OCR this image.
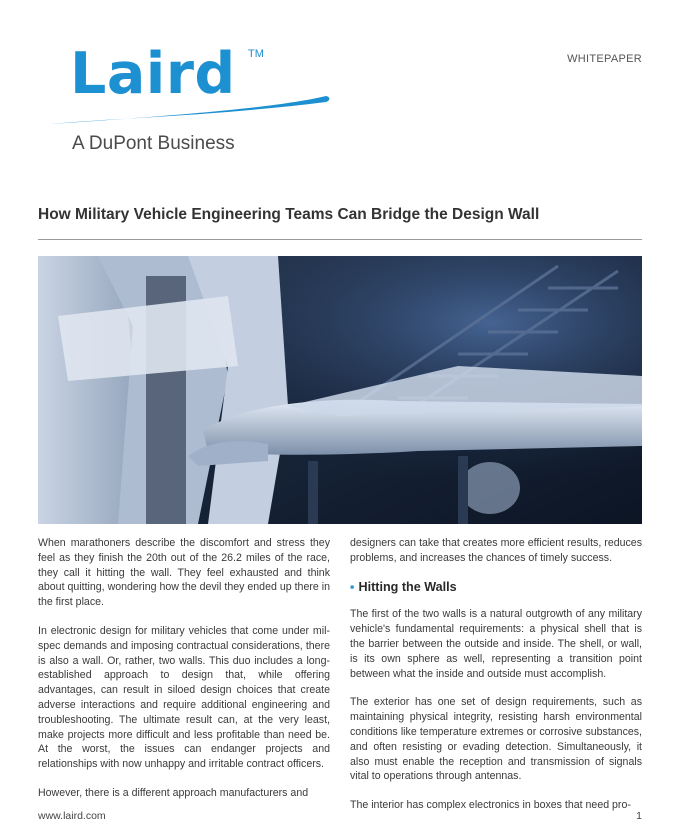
WHITEPAPER
Laird TM
A DuPont Business
How Military Vehicle Engineering Teams Can Bridge the Design Wall

When marathoners describe the discomfort and stress they feel as they finish the 20th out of the 26.2 miles of the race, they call it hitting the wall. They feel exhausted and think about quitting, wondering how the devil they ended up there in the first place.

In electronic design for military vehicles that come under mil-spec demands and imposing contractual considerations, there is also a wall. Or, rather, two walls. This duo includes a long-established approach to design that, while offering advantages, can result in siloed design choices that create adverse interactions and require additional engineering and troubleshooting. The ultimate result can, at the very least, make projects more difficult and less profitable than need be. At the worst, the issues can endanger projects and relationships with now unhappy and irritable contract officers.

However, there is a different approach manufacturers and

designers can take that creates more efficient results, reduces problems, and increases the chances of timely success.

▪ Hitting the Walls

The first of the two walls is a natural outgrowth of any military vehicle's fundamental requirements: a physical shell that is the barrier between the outside and inside. The shell, or wall, is its own sphere as well, representing a transition point between what the inside and outside must accomplish.

The exterior has one set of design requirements, such as maintaining physical integrity, resisting harsh environmental conditions like temperature extremes or corrosive substances, and often resisting or evading detection. Simultaneously, it also must enable the reception and transmission of signals vital to operations through antennas.

The interior has complex electronics in boxes that need pro-

www.laird.com	1
